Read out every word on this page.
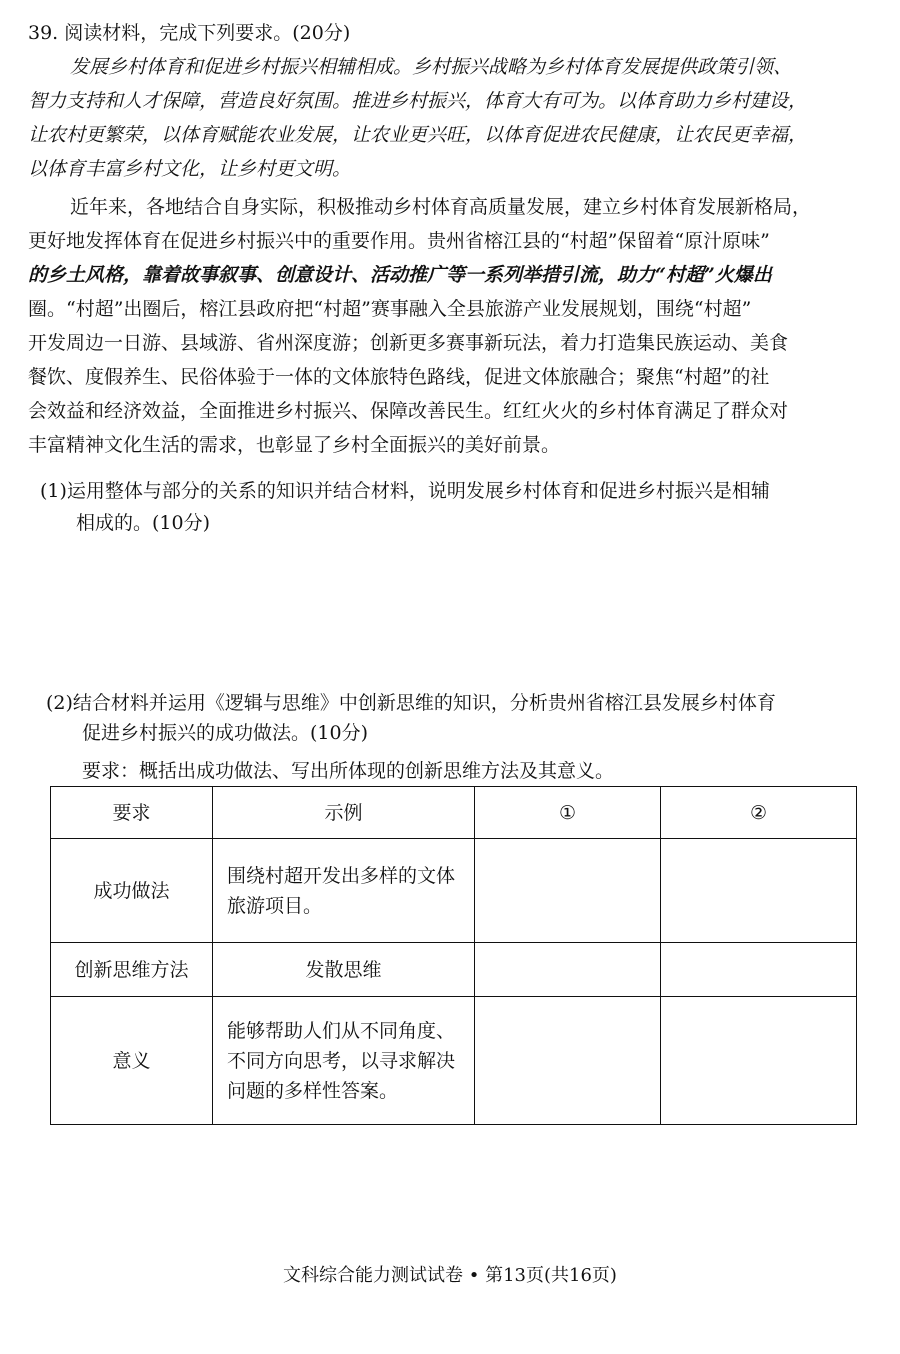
39. 阅读材料，完成下列要求。(20分)
发展乡村体育和促进乡村振兴相辅相成。乡村振兴战略为乡村体育发展提供政策引领、
智力支持和人才保障，营造良好氛围。推进乡村振兴，体育大有可为。以体育助力乡村建设，
让农村更繁荣，以体育赋能农业发展，让农业更兴旺，以体育促进农民健康，让农民更幸福，
以体育丰富乡村文化，让乡村更文明。
近年来，各地结合自身实际，积极推动乡村体育高质量发展，建立乡村体育发展新格局，
更好地发挥体育在促进乡村振兴中的重要作用。贵州省榕江县的“村超”保留着“原汁原味”
的乡土风格，靠着故事叙事、创意设计、活动推广等一系列举措引流，助力“村超”火爆出
圈。“村超”出圈后，榕江县政府把“村超”赛事融入全县旅游产业发展规划，围绕“村超”
开发周边一日游、县域游、省州深度游；创新更多赛事新玩法，着力打造集民族运动、美食
餐饮、度假养生、民俗体验于一体的文体旅特色路线，促进文体旅融合；聚焦“村超”的社
会效益和经济效益，全面推进乡村振兴、保障改善民生。红红火火的乡村体育满足了群众对
丰富精神文化生活的需求，也彰显了乡村全面振兴的美好前景。
(1)运用整体与部分的关系的知识并结合材料，说明发展乡村体育和促进乡村振兴是相辅
相成的。(10分)
(2)结合材料并运用《逻辑与思维》中创新思维的知识，分析贵州省榕江县发展乡村体育
促进乡村振兴的成功做法。(10分)
要求：概括出成功做法、写出所体现的创新思维方法及其意义。
要求	示例	①	②
成功做法	围绕村超开发出多样的文体旅游项目。		
创新思维方法	发散思维		
意义	能够帮助人们从不同角度、不同方向思考，以寻求解决问题的多样性答案。		
文科综合能力测试试卷 • 第13页(共16页)
